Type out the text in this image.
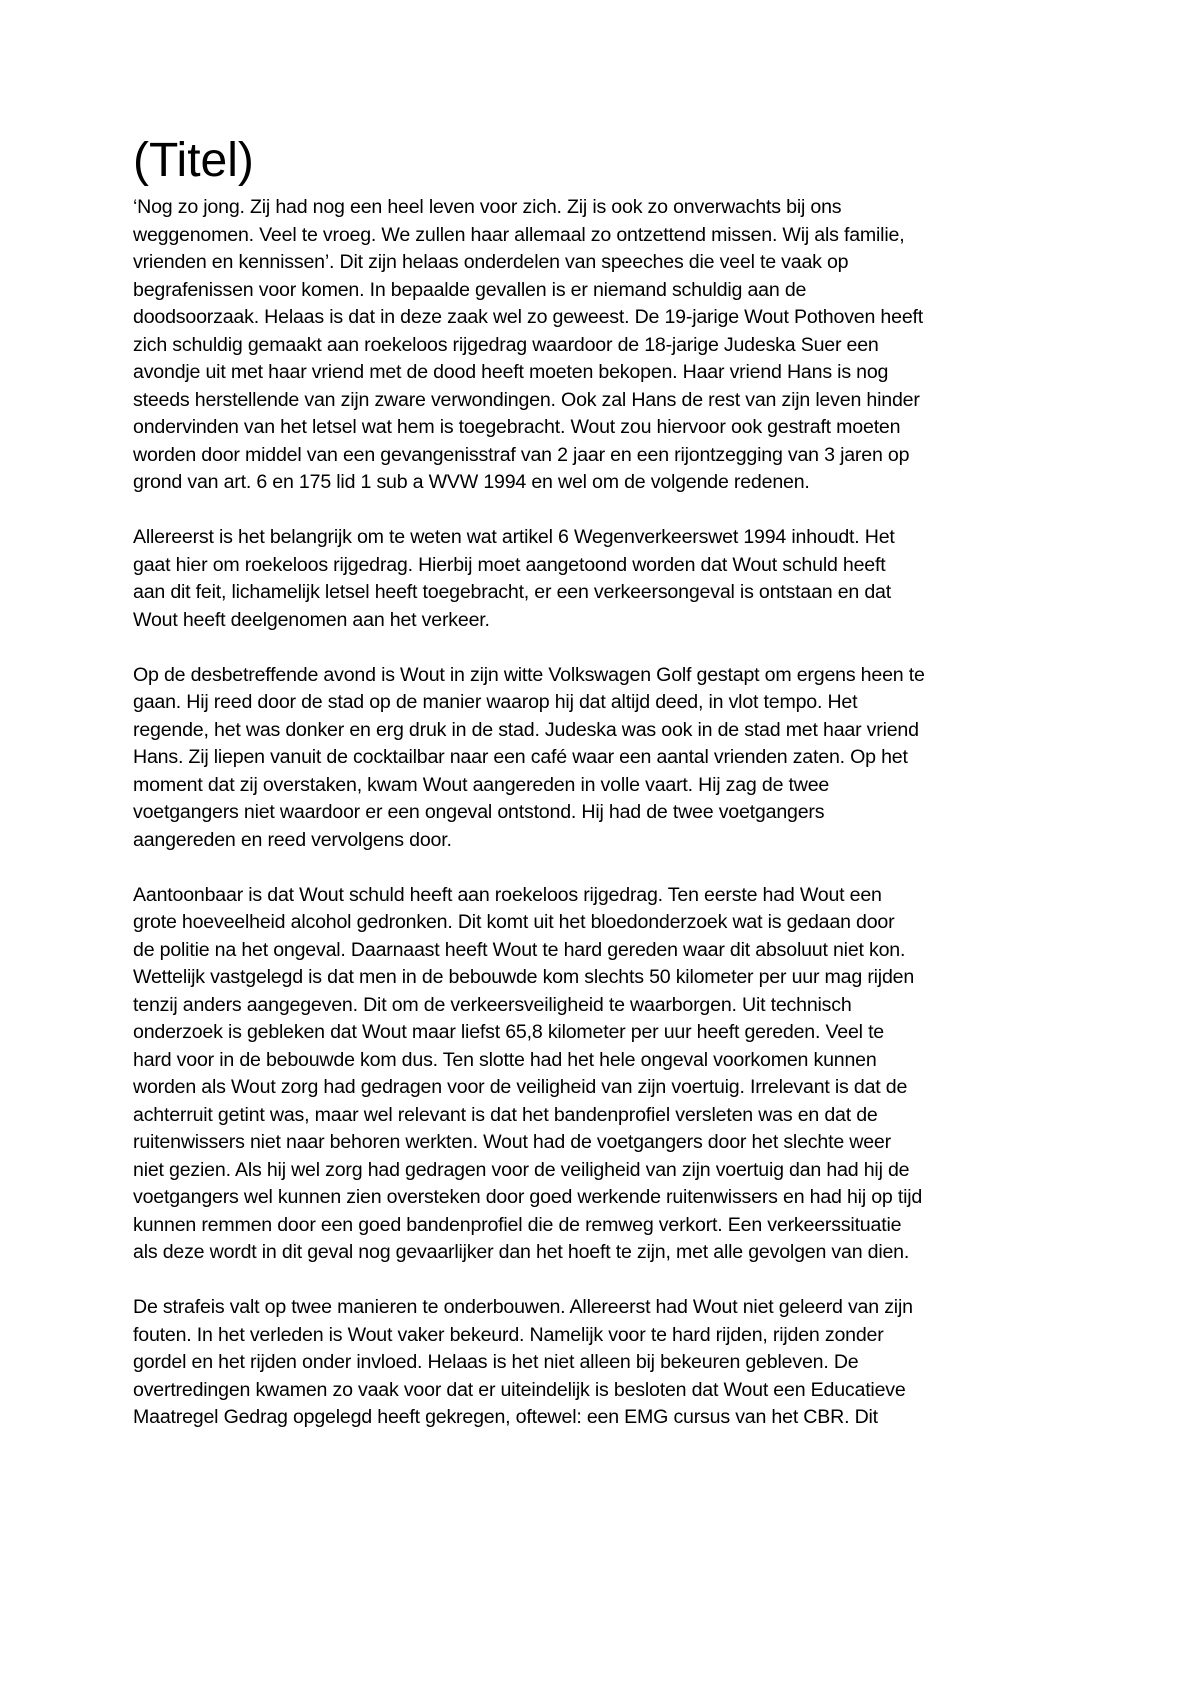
(Titel)

‘Nog zo jong. Zij had nog een heel leven voor zich. Zij is ook zo onverwachts bij ons
weggenomen. Veel te vroeg. We zullen haar allemaal zo ontzettend missen. Wij als familie,
vrienden en kennissen’. Dit zijn helaas onderdelen van speeches die veel te vaak op
begrafenissen voor komen. In bepaalde gevallen is er niemand schuldig aan de
doodsoorzaak. Helaas is dat in deze zaak wel zo geweest. De 19-jarige Wout Pothoven heeft
zich schuldig gemaakt aan roekeloos rijgedrag waardoor de 18-jarige Judeska Suer een
avondje uit met haar vriend met de dood heeft moeten bekopen. Haar vriend Hans is nog
steeds herstellende van zijn zware verwondingen. Ook zal Hans de rest van zijn leven hinder
ondervinden van het letsel wat hem is toegebracht. Wout zou hiervoor ook gestraft moeten
worden door middel van een gevangenisstraf van 2 jaar en een rijontzegging van 3 jaren op
grond van art. 6 en 175 lid 1 sub a WVW 1994 en wel om de volgende redenen.

Allereerst is het belangrijk om te weten wat artikel 6 Wegenverkeerswet 1994 inhoudt. Het
gaat hier om roekeloos rijgedrag. Hierbij moet aangetoond worden dat Wout schuld heeft
aan dit feit, lichamelijk letsel heeft toegebracht, er een verkeersongeval is ontstaan en dat
Wout heeft deelgenomen aan het verkeer.

Op de desbetreffende avond is Wout in zijn witte Volkswagen Golf gestapt om ergens heen te
gaan. Hij reed door de stad op de manier waarop hij dat altijd deed, in vlot tempo. Het
regende, het was donker en erg druk in de stad. Judeska was ook in de stad met haar vriend
Hans. Zij liepen vanuit de cocktailbar naar een café waar een aantal vrienden zaten. Op het
moment dat zij overstaken, kwam Wout aangereden in volle vaart. Hij zag de twee
voetgangers niet waardoor er een ongeval ontstond. Hij had de twee voetgangers
aangereden en reed vervolgens door.

Aantoonbaar is dat Wout schuld heeft aan roekeloos rijgedrag. Ten eerste had Wout een
grote hoeveelheid alcohol gedronken. Dit komt uit het bloedonderzoek wat is gedaan door
de politie na het ongeval. Daarnaast heeft Wout te hard gereden waar dit absoluut niet kon.
Wettelijk vastgelegd is dat men in de bebouwde kom slechts 50 kilometer per uur mag rijden
tenzij anders aangegeven. Dit om de verkeersveiligheid te waarborgen. Uit technisch
onderzoek is gebleken dat Wout maar liefst 65,8 kilometer per uur heeft gereden. Veel te
hard voor in de bebouwde kom dus. Ten slotte had het hele ongeval voorkomen kunnen
worden als Wout zorg had gedragen voor de veiligheid van zijn voertuig. Irrelevant is dat de
achterruit getint was, maar wel relevant is dat het bandenprofiel versleten was en dat de
ruitenwissers niet naar behoren werkten. Wout had de voetgangers door het slechte weer
niet gezien. Als hij wel zorg had gedragen voor de veiligheid van zijn voertuig dan had hij de
voetgangers wel kunnen zien oversteken door goed werkende ruitenwissers en had hij op tijd
kunnen remmen door een goed bandenprofiel die de remweg verkort. Een verkeerssituatie
als deze wordt in dit geval nog gevaarlijker dan het hoeft te zijn, met alle gevolgen van dien.

De strafeis valt op twee manieren te onderbouwen. Allereerst had Wout niet geleerd van zijn
fouten. In het verleden is Wout vaker bekeurd. Namelijk voor te hard rijden, rijden zonder
gordel en het rijden onder invloed. Helaas is het niet alleen bij bekeuren gebleven. De
overtredingen kwamen zo vaak voor dat er uiteindelijk is besloten dat Wout een Educatieve
Maatregel Gedrag opgelegd heeft gekregen, oftewel: een EMG cursus van het CBR. Dit
